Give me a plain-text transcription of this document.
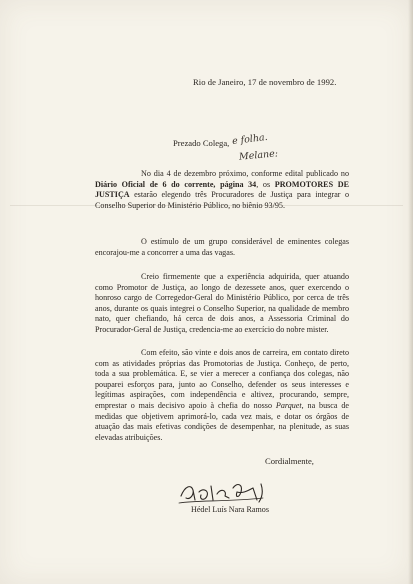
Rio de Janeiro, 17 de novembro de 1992.
Prezado Colega, e folha.
Melane:
No dia 4 de dezembro próximo, conforme edital publicado no Diário Oficial de 6 do corrente, página 34, os PROMOTORES DE JUSTIÇA estarão elegendo três Procuradores de Justiça para integrar o Conselho Superior do Ministério Público, no biênio 93/95.
O estímulo de um grupo considerável de eminentes colegas encorajou-me a concorrer a uma das vagas.
Creio firmemente que a experiência adquirida, quer atuando como Promotor de Justiça, ao longo de dezessete anos, quer exercendo o honroso cargo de Corregedor-Geral do Ministério Público, por cerca de três anos, durante os quais integrei o Conselho Superior, na qualidade de membro nato, quer chefiando, há cerca de dois anos, a Assessoria Criminal do Procurador-Geral de Justiça, credencia-me ao exercício do nobre mister.
Com efeito, são vinte e dois anos de carreira, em contato direto com as atividades próprias das Promotorias de Justiça. Conheço, de perto, toda a sua problemática. E, se vier a merecer a confiança dos colegas, não pouparei esforços para, junto ao Conselho, defender os seus interesses e legítimas aspirações, com independência e altivez, procurando, sempre, emprestar o mais decisivo apoio à chefia do nosso Parquet, na busca de medidas que objetivem aprimorá-lo, cada vez mais, e dotar os órgãos de atuação das mais efetivas condições de desempenhar, na plenitude, as suas elevadas atribuições.
Cordialmente,
Hédel Luís Nara Ramos
